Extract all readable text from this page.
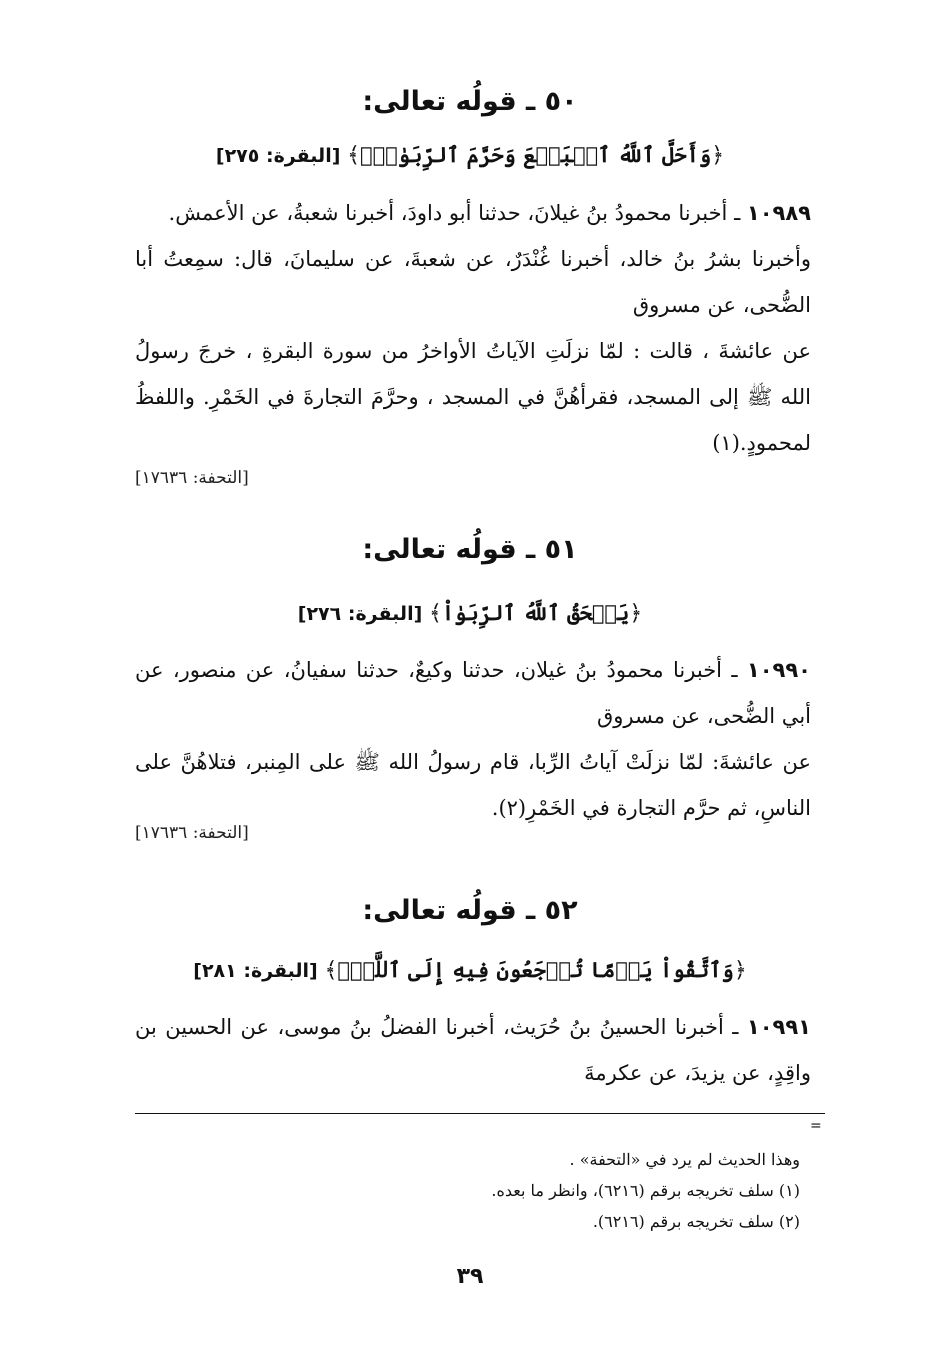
٥٠ ـ قولُه تعالى:
﴿وَأَحَلَّ ٱللَّهُ ٱلۡبَيۡعَ وَحَرَّمَ ٱلرِّبَوٰاْۚ﴾ [البقرة: ٢٧٥]
١٠٩٨٩ ـ أخبرنا محمودُ بنُ غيلانَ، حدثنا أبو داودَ، أخبرنا شعبةُ، عن الأعمش.
وأخبرنا بشرُ بنُ خالد، أخبرنا غُنْدَرٌ، عن شعبةَ، عن سليمانَ، قال: سمِعتُ أبا الضُّحى، عن مسروق
عن عائشةَ ، قالت : لمّا نزلَتِ الآياتُ الأواخرُ من سورة البقرةِ ، خرجَ رسولُ الله ﷺ إلى المسجد، فقرأهُنَّ في المسجد ، وحرَّمَ التجارةَ في الخَمْرِ. واللفظُ لمحمودٍ.(١)
[التحفة: ١٧٦٣٦]
٥١ ـ قولُه تعالى:
﴿يَمۡحَقُ ٱللَّهُ ٱلرِّبَوٰاْ﴾ [البقرة: ٢٧٦]
١٠٩٩٠ ـ أخبرنا محمودُ بنُ غيلان، حدثنا وكيعٌ، حدثنا سفيانُ، عن منصور، عن أبي الضُّحى، عن مسروق
عن عائشةَ: لمّا نزلَتْ آياتُ الرِّبا، قام رسولُ الله ﷺ على المِنبر، فتلاهُنَّ على الناسِ، ثم حرَّم التجارة في الخَمْرِ(٢).
[التحفة: ١٧٦٣٦]
٥٢ ـ قولُه تعالى:
﴿وَٱتَّقُواْ يَوۡمًا تُرۡجَعُونَ فِيهِ إِلَى ٱللَّهِۖ﴾ [البقرة: ٢٨١]
١٠٩٩١ ـ أخبرنا الحسينُ بنُ حُرَيث، أخبرنا الفضلُ بنُ موسى، عن الحسين بن واقِدٍ، عن يزيدَ، عن عكرمةَ
=
وهذا الحديث لم يرد في «التحفة» .
(١) سلف تخريجه برقم (٦٢١٦)، وانظر ما بعده.
(٢) سلف تخريجه برقم (٦٢١٦).
٣٩
